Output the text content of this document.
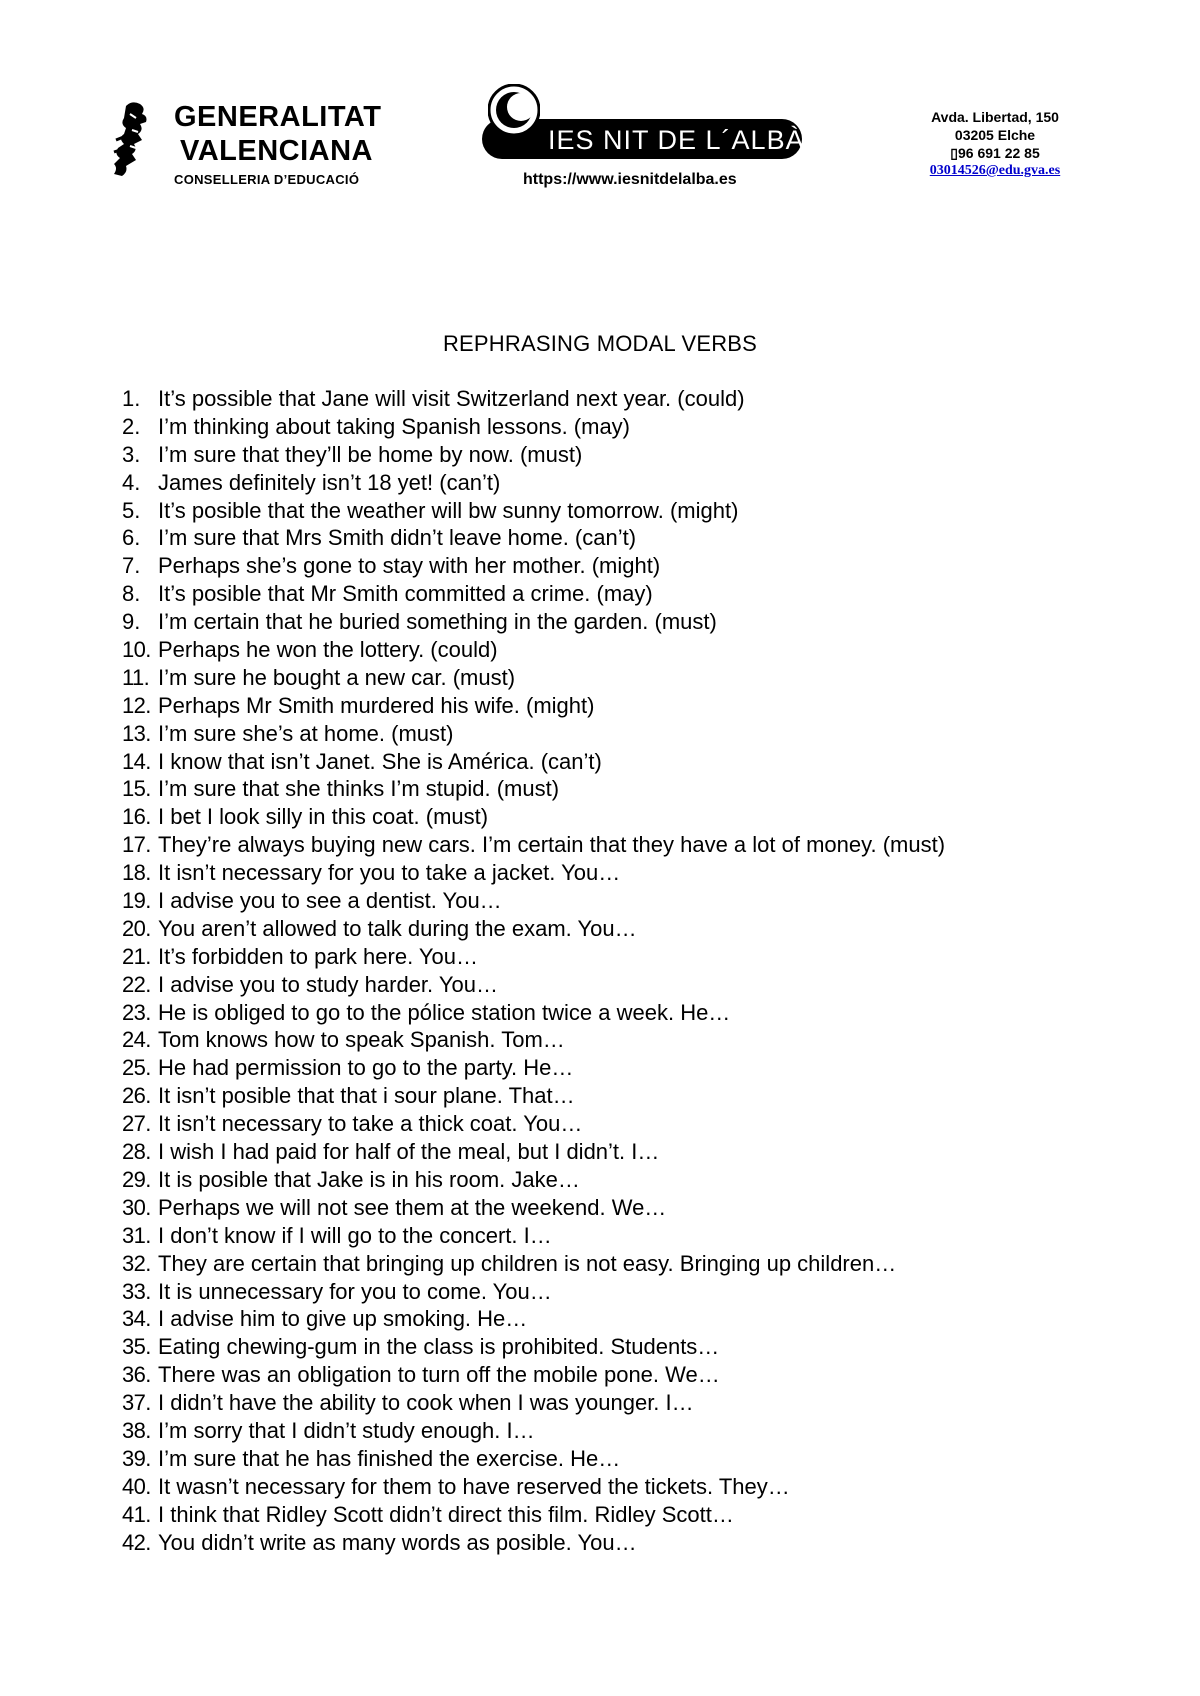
GENERALITAT
VALENCIANA
CONSELLERIA D’EDUCACIÓ
IES NIT DE L´ALBÀ
https://www.iesnitdelalba.es
Avda. Libertad, 150
03205 Elche
▯96 691 22 85
03014526@edu.gva.es
REPHRASING MODAL VERBS
1. It’s possible that Jane will visit Switzerland next year. (could)
2. I’m thinking about taking Spanish lessons. (may)
3. I’m sure that they’ll be home by now. (must)
4. James definitely isn’t 18 yet! (can’t)
5. It’s posible that the weather will bw sunny tomorrow. (might)
6. I’m sure that Mrs Smith didn’t leave home. (can’t)
7. Perhaps she’s gone to stay with her mother. (might)
8. It’s posible that Mr Smith committed a crime. (may)
9. I’m certain that he buried something in the garden. (must)
10. Perhaps he won the lottery. (could)
11. I’m sure he bought a new car. (must)
12. Perhaps Mr Smith murdered his wife. (might)
13. I’m sure she’s at home. (must)
14. I know that isn’t Janet. She is América. (can’t)
15. I’m sure that she thinks I’m stupid. (must)
16. I bet I look silly in this coat. (must)
17. They’re always buying new cars. I’m certain that they have a lot of money. (must)
18. It isn’t necessary for you to take a jacket. You…
19. I advise you to see a dentist. You…
20. You aren’t allowed to talk during the exam. You…
21. It’s forbidden to park here. You…
22. I advise you to study harder. You…
23. He is obliged to go to the pólice station twice a week. He…
24. Tom knows how to speak Spanish. Tom…
25. He had permission to go to the party. He…
26. It isn’t posible that that i sour plane. That…
27. It isn’t necessary to take a thick coat. You…
28. I wish I had paid for half of the meal, but I didn’t. I…
29. It is posible that Jake is in his room. Jake…
30. Perhaps we will not see them at the weekend. We…
31. I don’t know if I will go to the concert. I…
32. They are certain that bringing up children is not easy. Bringing up children…
33. It is unnecessary for you to come. You…
34. I advise him to give up smoking. He…
35. Eating chewing-gum in the class is prohibited. Students…
36. There was an obligation to turn off the mobile pone. We…
37. I didn’t have the ability to cook when I was younger. I…
38. I’m sorry that I didn’t study enough. I…
39. I’m sure that he has finished the exercise. He…
40. It wasn’t necessary for them to have reserved the tickets. They…
41. I think that Ridley Scott didn’t direct this film. Ridley Scott…
42. You didn’t write as many words as posible. You…
